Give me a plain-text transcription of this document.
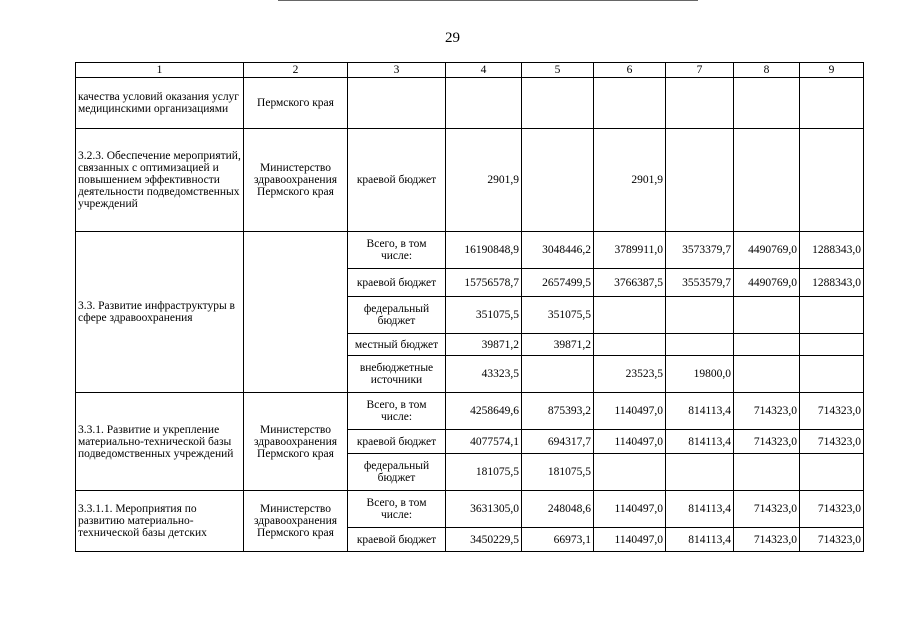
29
1	2	3	4	5	6	7	8	9
качества условий оказания услуг медицинскими организациями	Пермского края							
3.2.3. Обеспечение мероприятий, связанных с оптимизацией и повышением эффективности деятельности подведомственных учреждений	Министерство здравоохранения Пермского края	краевой бюджет	2901,9		2901,9			
3.3. Развитие инфраструктуры в сфере здравоохранения		Всего, в том числе:	16190848,9	3048446,2	3789911,0	3573379,7	4490769,0	1288343,0
		краевой бюджет	15756578,7	2657499,5	3766387,5	3553579,7	4490769,0	1288343,0
		федеральный бюджет	351075,5	351075,5				
		местный бюджет	39871,2	39871,2				
		внебюджетные источники	43323,5		23523,5	19800,0		
3.3.1. Развитие и укрепление материально-технической базы подведомственных учреждений	Министерство здравоохранения Пермского края	Всего, в том числе:	4258649,6	875393,2	1140497,0	814113,4	714323,0	714323,0
		краевой бюджет	4077574,1	694317,7	1140497,0	814113,4	714323,0	714323,0
		федеральный бюджет	181075,5	181075,5				
3.3.1.1. Мероприятия по развитию материально-технической базы детских	Министерство здравоохранения Пермского края	Всего, в том числе:	3631305,0	248048,6	1140497,0	814113,4	714323,0	714323,0
		краевой бюджет	3450229,5	66973,1	1140497,0	814113,4	714323,0	714323,0
